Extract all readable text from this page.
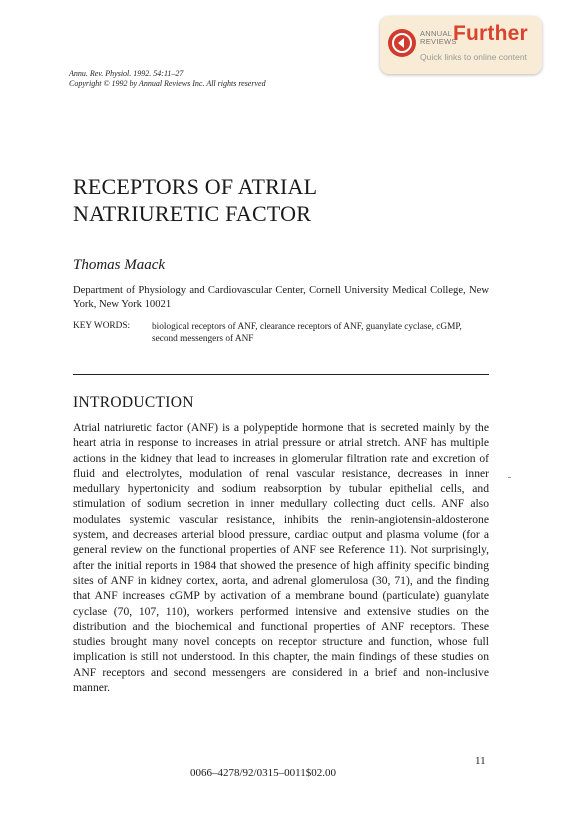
ANNUAL
REVIEWS
Further
Quick links to online content
Annu. Rev. Physiol. 1992. 54:11–27
Copyright © 1992 by Annual Reviews Inc. All rights reserved
RECEPTORS OF ATRIAL
NATRIURETIC FACTOR
Thomas Maack
Department of Physiology and Cardiovascular Center, Cornell University Medical College, New York, New York 10021
KEY WORDS: biological receptors of ANF, clearance receptors of ANF, guanylate cyclase, cGMP, second messengers of ANF
INTRODUCTION
Atrial natriuretic factor (ANF) is a polypeptide hormone that is secreted mainly by the heart atria in response to increases in atrial pressure or atrial stretch. ANF has multiple actions in the kidney that lead to increases in glomerular filtration rate and excretion of fluid and electrolytes, modulation of renal vascular resistance, decreases in inner medullary hypertonicity and sodium reabsorption by tubular epithelial cells, and stimulation of sodium secretion in inner medullary collecting duct cells. ANF also modulates systemic vascular resistance, inhibits the renin-angiotensin-aldosterone system, and decreases arterial blood pressure, cardiac output and plasma volume (for a general review on the functional properties of ANF see Reference 11). Not surprisingly, after the initial reports in 1984 that showed the presence of high affinity specific binding sites of ANF in kidney cortex, aorta, and adrenal glomerulosa (30, 71), and the finding that ANF increases cGMP by activation of a membrane bound (particulate) guanylate cyclase (70, 107, 110), workers performed intensive and extensive studies on the distribution and the biochemical and functional properties of ANF receptors. These studies brought many novel concepts on receptor structure and function, whose full implication is still not understood. In this chapter, the main findings of these studies on ANF receptors and second messengers are considered in a brief and non-inclusive manner.
11
0066–4278/92/0315–0011$02.00
